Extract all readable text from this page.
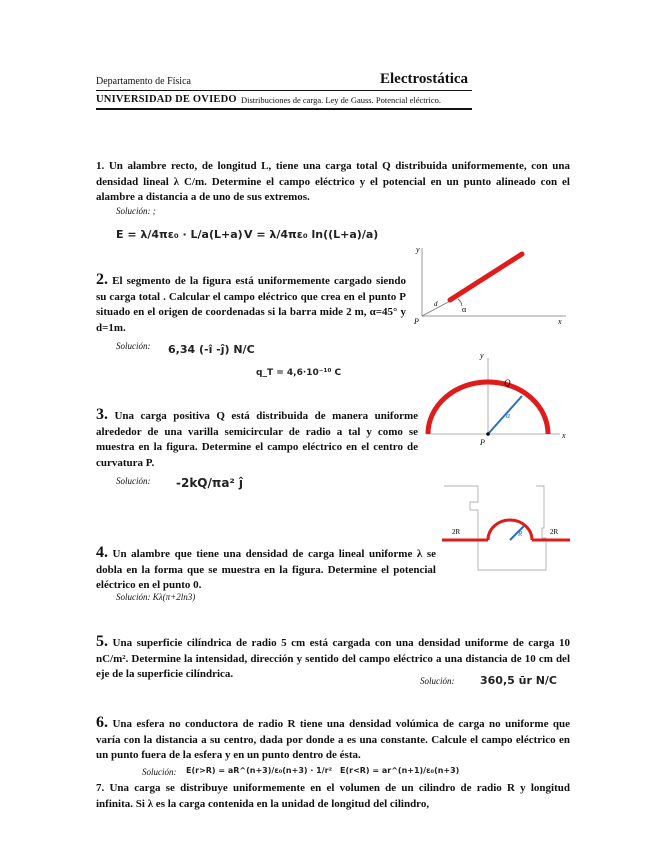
Departamento de Física	Electrostática
Distribuciones de carga. Ley de Gauss. Potencial eléctrico.
UNIVERSIDAD DE OVIEDO
1. Un alambre recto, de longitud L, tiene una carga total Q distribuida uniformemente, con una densidad lineal λ C/m. Determine el campo eléctrico y el potencial en un punto alineado con el alambre a distancia a de uno de sus extremos.
Solución: ;
E = λ/4πε₀ · L/a(L+a) V = λ/4πε₀ ln((L+a)/a)
2. El segmento de la figura está uniformemente cargado siendo su carga total . Calcular el campo eléctrico que crea en el punto P situado en el origen de coordenadas si la barra mide 2 m, α=45° y d=1m.
Solución: 6,34 (-î -ĵ) N/C
q_T = 4,6·10⁻¹⁰ C
y
x
P
α
d
3. Una carga positiva Q está distribuida de manera uniforme alrededor de una varilla semicircular de radio a tal y como se muestra en la figura. Determine el campo eléctrico en el centro de curvatura P.
Solución: -2kQ/πa² ĵ
y
x
Q
P
a
4. Un alambre que tiene una densidad de carga lineal uniforme λ se dobla en la forma que se muestra en la figura. Determine el potencial eléctrico en el punto 0.
Solución: Kλ(π+2ln3)
2R	2R
R
5. Una superficie cilíndrica de radio 5 cm está cargada con una densidad uniforme de carga 10 nC/m². Determine la intensidad, dirección y sentido del campo eléctrico a una distancia de 10 cm del eje de la superficie cilíndrica.
Solución: 360,5 ūr N/C
6. Una esfera no conductora de radio R tiene una densidad volúmica de carga no uniforme que varía con la distancia a su centro, dada por donde a es una constante. Calcule el campo eléctrico en un punto fuera de la esfera y en un punto dentro de ésta.
Solución: E(r>R) = aR^(n+3)/ε₀(n+3) · 1/r² E(r<R) = ar^(n+1)/ε₀(n+3)
7. Una carga se distribuye uniformemente en el volumen de un cilindro de radio R y longitud infinita. Si λ es la carga contenida en la unidad de longitud del cilindro,
